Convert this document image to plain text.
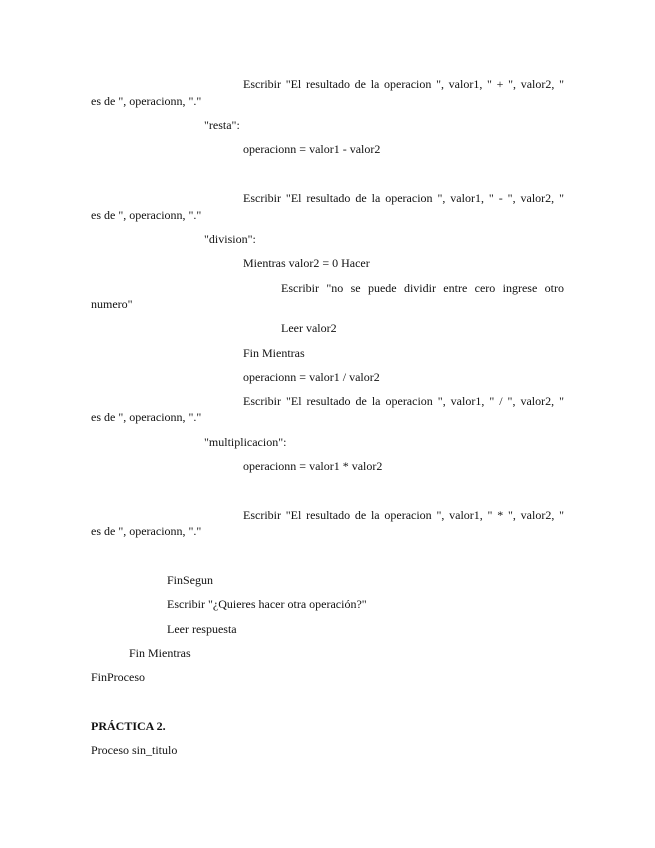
Escribir "El resultado de la operacion ", valor1, " + ", valor2, "
es de ", operacionn, "."
"resta":
operacionn = valor1 - valor2
Escribir "El resultado de la operacion ", valor1, " - ", valor2, "
es de ", operacionn, "."
"division":
Mientras valor2 = 0 Hacer
Escribir "no se puede dividir entre cero ingrese otro
numero"
Leer valor2
Fin Mientras
operacionn = valor1 / valor2
Escribir "El resultado de la operacion ", valor1, " / ", valor2, "
es de ", operacionn, "."
"multiplicacion":
operacionn = valor1 * valor2
Escribir "El resultado de la operacion ", valor1, " * ", valor2, "
es de ", operacionn, "."
FinSegun
Escribir "¿Quieres hacer otra operación?"
Leer respuesta
Fin Mientras
FinProceso
PRÁCTICA 2.
Proceso sin_titulo
